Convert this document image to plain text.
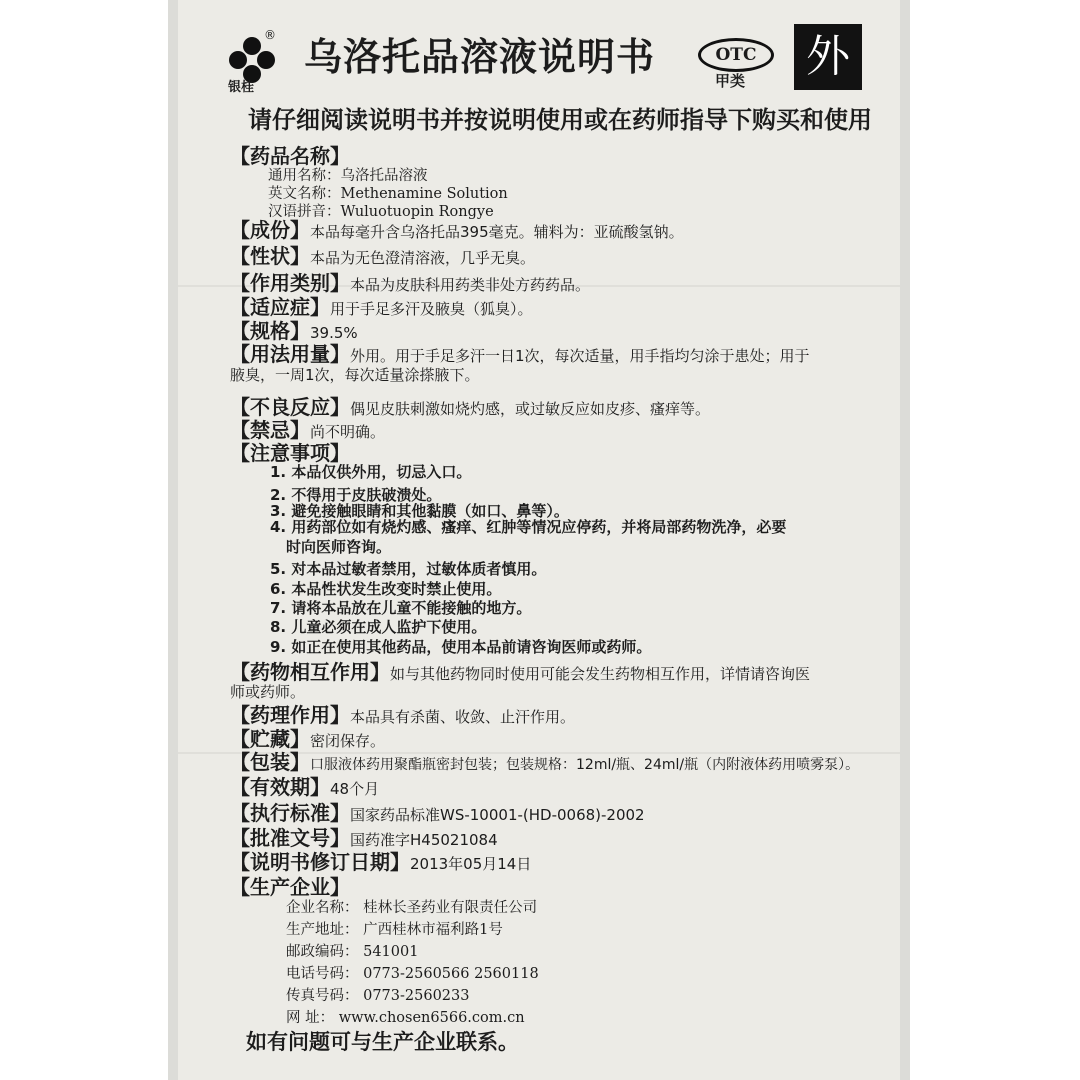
®
银桂
乌洛托品溶液说明书	OTC
甲类 外
请仔细阅读说明书并按说明使用或在药师指导下购买和使用
【药品名称】
通用名称：乌洛托品溶液
英文名称：Methenamine Solution
汉语拼音：Wuluotuopin Rongye
【成份】本品每毫升含乌洛托品395毫克。辅料为：亚硫酸氢钠。
【性状】本品为无色澄清溶液，几乎无臭。
【作用类别】本品为皮肤科用药类非处方药药品。
【适应症】用于手足多汗及腋臭（狐臭）。
【规格】39.5%
【用法用量】外用。用于手足多汗一日1次，每次适量，用手指均匀涂于患处；用于
腋臭，一周1次，每次适量涂搽腋下。
【不良反应】偶见皮肤刺激如烧灼感，或过敏反应如皮疹、瘙痒等。
【禁忌】尚不明确。
【注意事项】
1. 本品仅供外用，切忌入口。
2. 不得用于皮肤破溃处。
3. 避免接触眼睛和其他黏膜（如口、鼻等）。
4. 用药部位如有烧灼感、瘙痒、红肿等情况应停药，并将局部药物洗净，必要
时向医师咨询。
5. 对本品过敏者禁用，过敏体质者慎用。
6. 本品性状发生改变时禁止使用。
7. 请将本品放在儿童不能接触的地方。
8. 儿童必须在成人监护下使用。
9. 如正在使用其他药品，使用本品前请咨询医师或药师。
【药物相互作用】如与其他药物同时使用可能会发生药物相互作用，详情请咨询医
师或药师。
【药理作用】本品具有杀菌、收敛、止汗作用。
【贮藏】密闭保存。
【包装】口服液体药用聚酯瓶密封包装；包装规格：12ml/瓶、24ml/瓶（内附液体药用喷雾泵）。
【有效期】48个月
【执行标准】国家药品标准WS-10001-(HD-0068)-2002
【批准文号】国药准字H45021084
【说明书修订日期】2013年05月14日
【生产企业】
企业名称： 桂林长圣药业有限责任公司
生产地址： 广西桂林市福利路1号
邮政编码： 541001
电话号码： 0773-2560566 2560118
传真号码： 0773-2560233
网 址： www.chosen6566.com.cn
如有问题可与生产企业联系。
